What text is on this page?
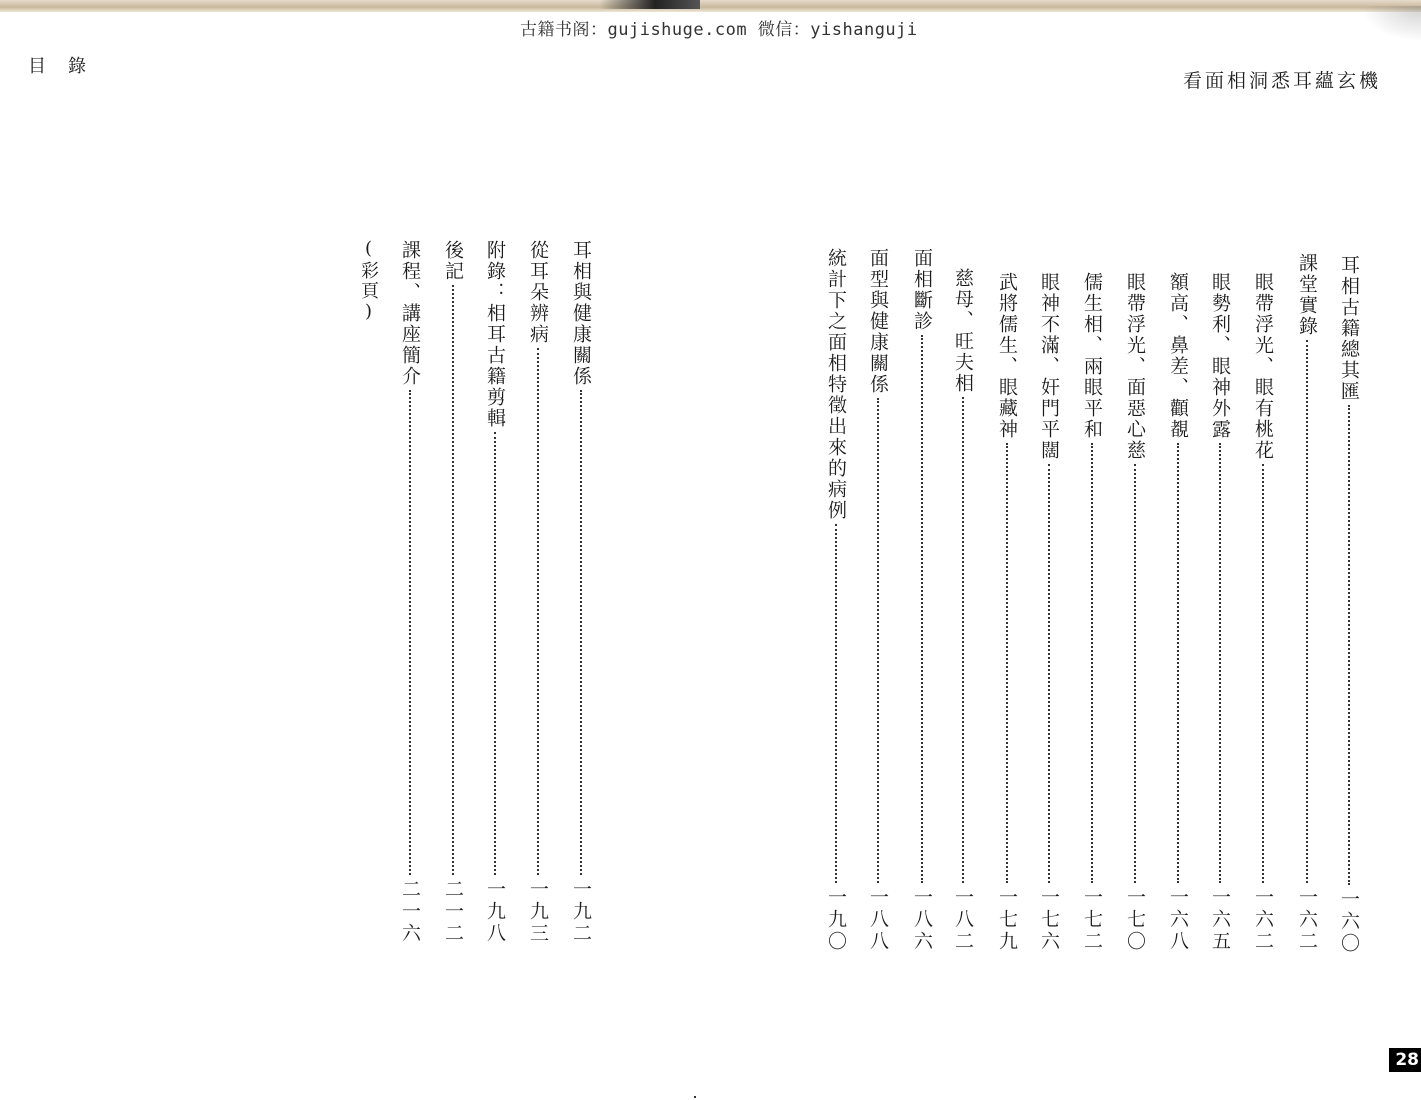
古籍书阁：gujishuge.com 微信：yishanguji
目錄
看面相洞悉耳蘊玄機
耳相古籍總其匯
一六〇
課堂實錄
一六二
眼帶浮光、眼有桃花
一六二
眼勢利、眼神外露
一六五
額高、鼻差、顴覩
一六八
眼帶浮光、面惡心慈
一七〇
儒生相、兩眼平和
一七二
眼神不滿、奸門平闊
一七六
武將儒生、眼藏神
一七九
慈母、旺夫相
一八二
面相斷診
一八六
面型與健康關係
一八八
統計下之面相特徵出來的病例
一九〇
耳相與健康關係
一九二
從耳朵辨病
一九三
附錄：相耳古籍剪輯
一九八
後記
二一二
課程、講座簡介
二一六
(彩頁)
28
